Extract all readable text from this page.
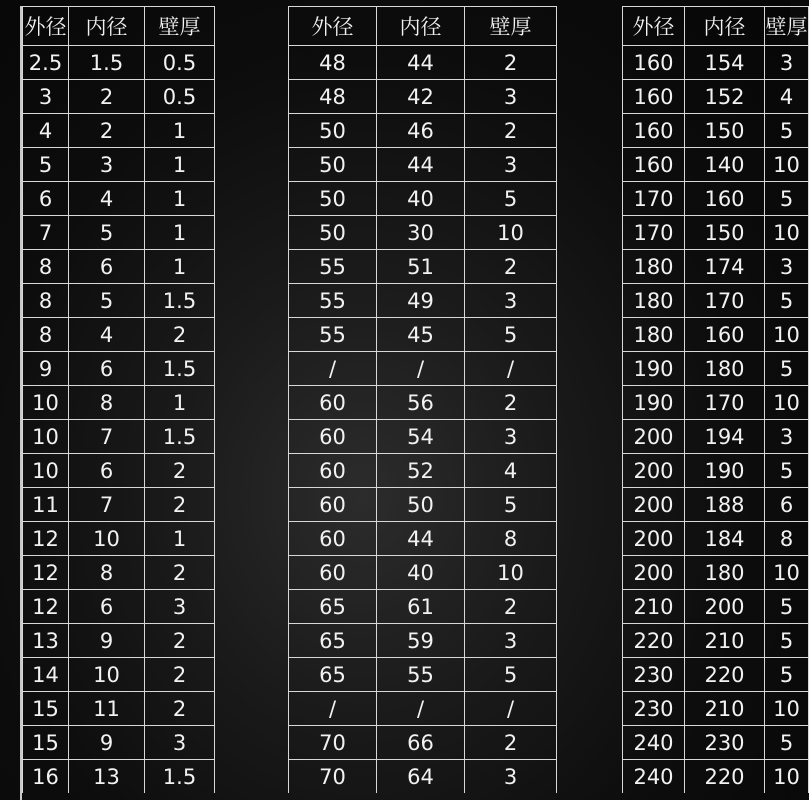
外径	内径	壁厚		外径	内径	壁厚		外径	内径	壁厚
2.5	1.5	0.5		48	44	2		160	154	3
3	2	0.5		48	42	3		160	152	4
4	2	1		50	46	2		160	150	5
5	3	1		50	44	3		160	140	10
6	4	1		50	40	5		170	160	5
7	5	1		50	30	10		170	150	10
8	6	1		55	51	2		180	174	3
8	5	1.5		55	49	3		180	170	5
8	4	2		55	45	5		180	160	10
9	6	1.5		/	/	/		190	180	5
10	8	1		60	56	2		190	170	10
10	7	1.5		60	54	3		200	194	3
10	6	2		60	52	4		200	190	5
11	7	2		60	50	5		200	188	6
12	10	1		60	44	8		200	184	8
12	8	2		60	40	10		200	180	10
12	6	3		65	61	2		210	200	5
13	9	2		65	59	3		220	210	5
14	10	2		65	55	5		230	220	5
15	11	2		/	/	/		230	210	10
15	9	3		70	66	2		240	230	5
16	13	1.5		70	64	3		240	220	10
